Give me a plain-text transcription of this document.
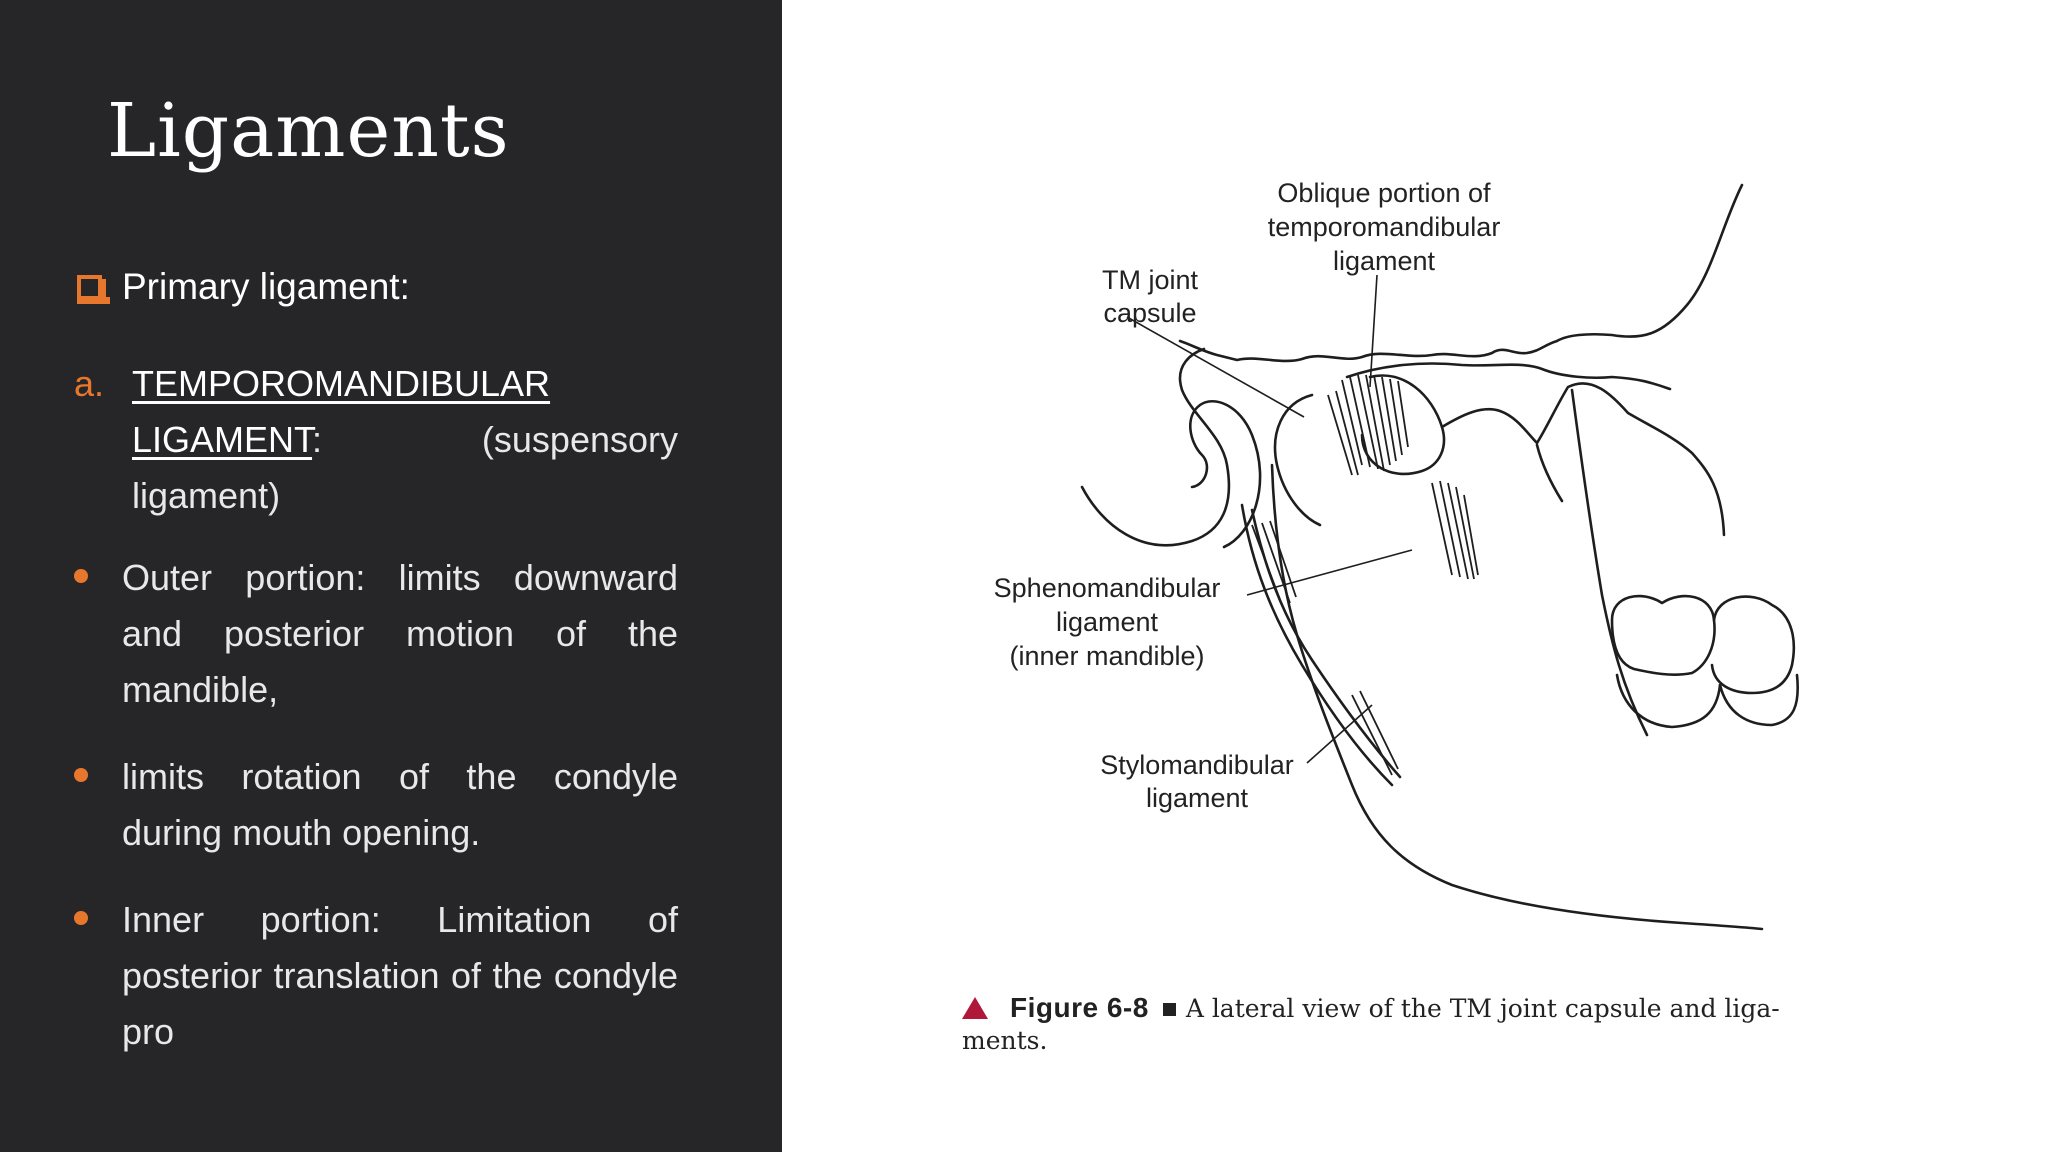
Ligaments
Primary ligament:
a. TEMPOROMANDIBULAR
LIGAMENT:	(suspensory
ligament)
Outer portion: limits downward and posterior motion of the mandible,
limits rotation of the condyle during mouth opening.
Inner portion: Limitation of posterior translation of the condyle pro
Oblique portion of
temporomandibular
ligament
TM joint
capsule
Sphenomandibular
ligament
(inner mandible)
Stylomandibular
ligament
Figure 6-8 A lateral view of the TM joint capsule and liga-
ments.
